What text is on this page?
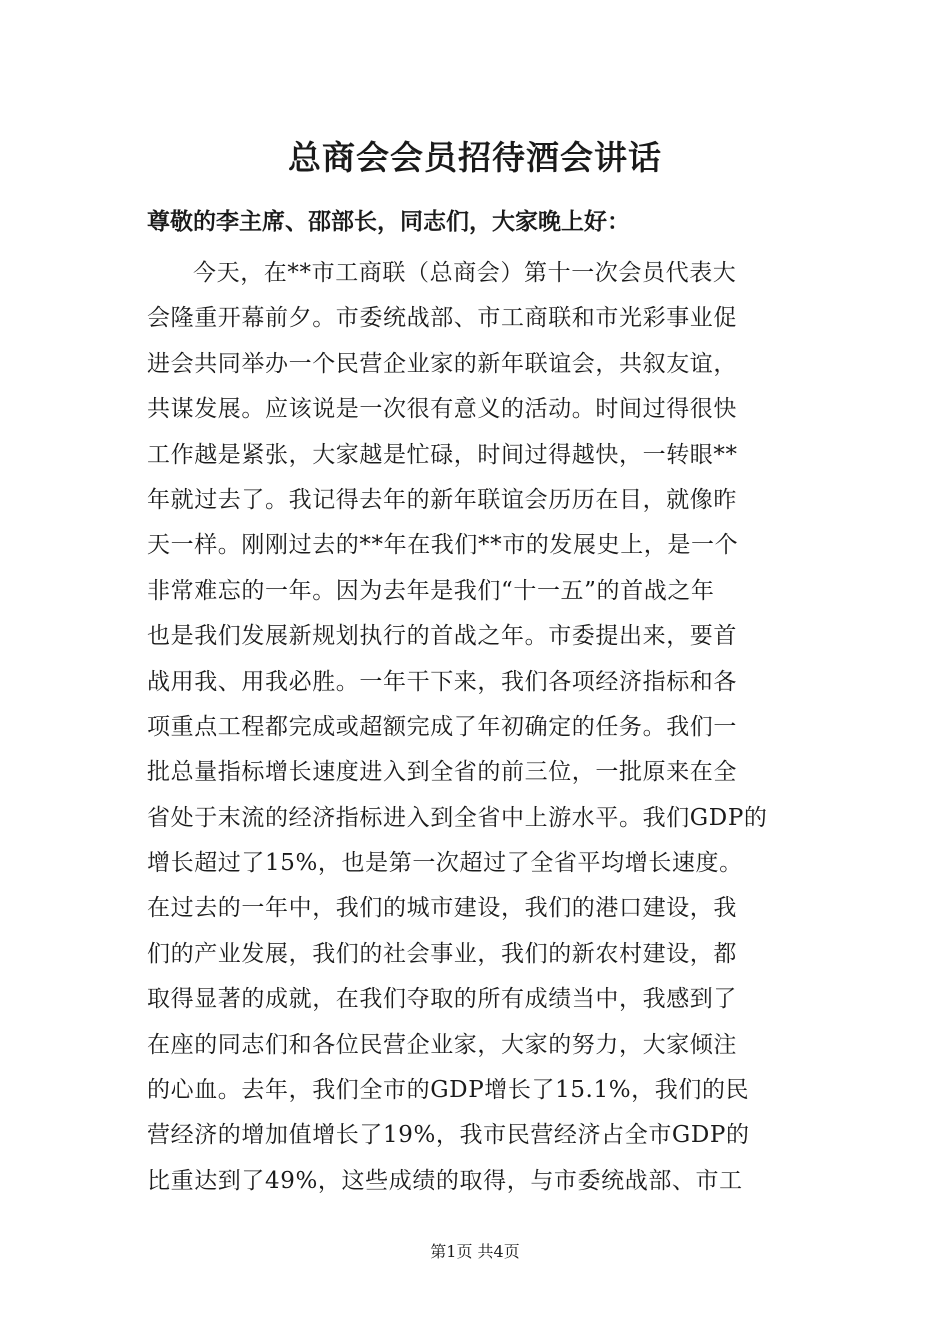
总商会会员招待酒会讲话

尊敬的李主席、邵部长，同志们，大家晚上好：

今天，在**市工商联（总商会）第十一次会员代表大
会隆重开幕前夕。市委统战部、市工商联和市光彩事业促
进会共同举办一个民营企业家的新年联谊会，共叙友谊，
共谋发展。应该说是一次很有意义的活动。时间过得很快
工作越是紧张，大家越是忙碌，时间过得越快，一转眼**
年就过去了。我记得去年的新年联谊会历历在目，就像昨
天一样。刚刚过去的**年在我们**市的发展史上，是一个
非常难忘的一年。因为去年是我们“十一五”的首战之年
也是我们发展新规划执行的首战之年。市委提出来，要首
战用我、用我必胜。一年干下来，我们各项经济指标和各
项重点工程都完成或超额完成了年初确定的任务。我们一
批总量指标增长速度进入到全省的前三位，一批原来在全
省处于末流的经济指标进入到全省中上游水平。我们GDP的
增长超过了15%，也是第一次超过了全省平均增长速度。
在过去的一年中，我们的城市建设，我们的港口建设，我
们的产业发展，我们的社会事业，我们的新农村建设，都
取得显著的成就，在我们夺取的所有成绩当中，我感到了
在座的同志们和各位民营企业家，大家的努力，大家倾注
的心血。去年，我们全市的GDP增长了15.1%，我们的民
营经济的增加值增长了19%，我市民营经济占全市GDP的
比重达到了49%，这些成绩的取得，与市委统战部、市工

第1页 共4页
